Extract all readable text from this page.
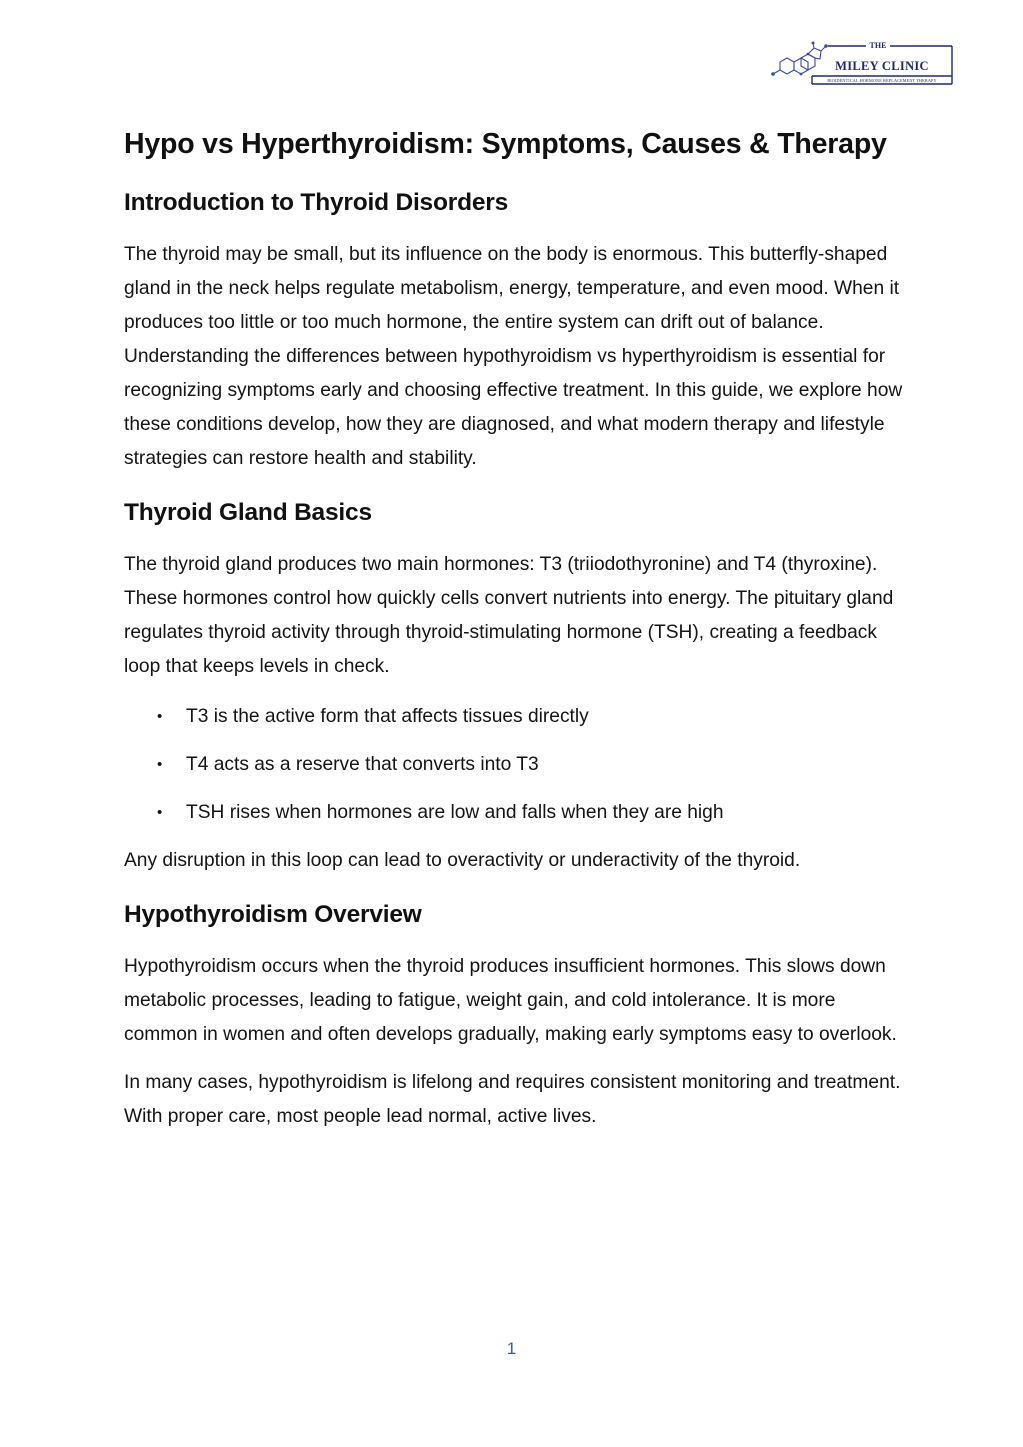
THE
MILEY CLINIC
BIOIDENTICAL HORMONE REPLACEMENT THERAPY
Hypo vs Hyperthyroidism: Symptoms, Causes & Therapy
Introduction to Thyroid Disorders

The thyroid may be small, but its influence on the body is enormous. This butterfly-shaped gland in the neck helps regulate metabolism, energy, temperature, and even mood. When it produces too little or too much hormone, the entire system can drift out of balance. Understanding the differences between hypothyroidism vs hyperthyroidism is essential for recognizing symptoms early and choosing effective treatment. In this guide, we explore how these conditions develop, how they are diagnosed, and what modern therapy and lifestyle strategies can restore health and stability.

Thyroid Gland Basics

The thyroid gland produces two main hormones: T3 (triiodothyronine) and T4 (thyroxine). These hormones control how quickly cells convert nutrients into energy. The pituitary gland regulates thyroid activity through thyroid-stimulating hormone (TSH), creating a feedback loop that keeps levels in check.

• T3 is the active form that affects tissues directly
• T4 acts as a reserve that converts into T3
• TSH rises when hormones are low and falls when they are high

Any disruption in this loop can lead to overactivity or underactivity of the thyroid.

Hypothyroidism Overview

Hypothyroidism occurs when the thyroid produces insufficient hormones. This slows down metabolic processes, leading to fatigue, weight gain, and cold intolerance. It is more common in women and often develops gradually, making early symptoms easy to overlook.

In many cases, hypothyroidism is lifelong and requires consistent monitoring and treatment. With proper care, most people lead normal, active lives.

1
